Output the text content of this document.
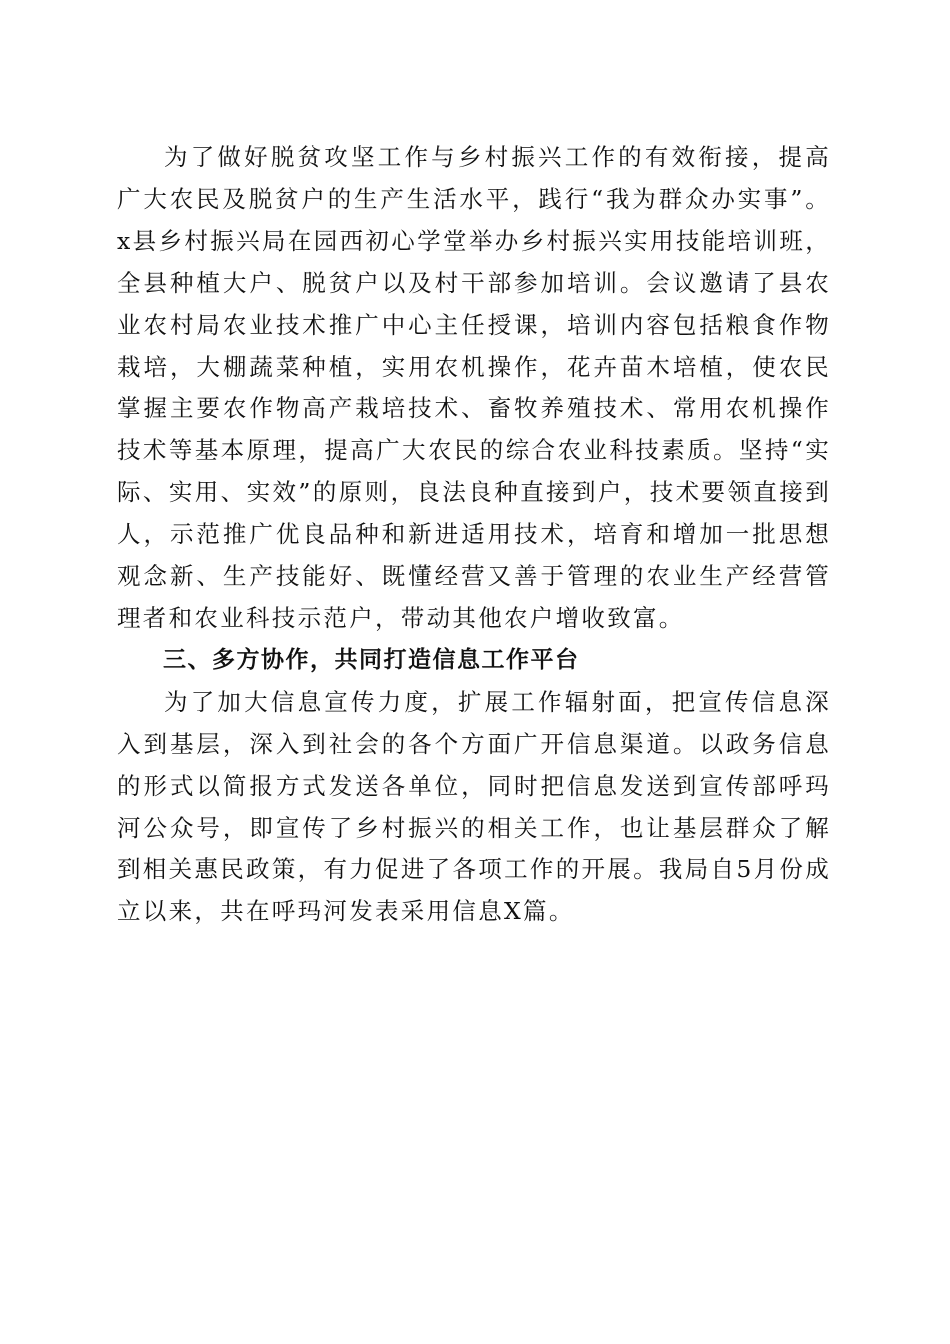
为了做好脱贫攻坚工作与乡村振兴工作的有效衔接，提高广大农民及脱贫户的生产生活水平，践行“我为群众办实事”。x县乡村振兴局在园西初心学堂举办乡村振兴实用技能培训班，全县种植大户、脱贫户以及村干部参加培训。会议邀请了县农业农村局农业技术推广中心主任授课，培训内容包括粮食作物栽培，大棚蔬菜种植，实用农机操作，花卉苗木培植，使农民掌握主要农作物高产栽培技术、畜牧养殖技术、常用农机操作技术等基本原理，提高广大农民的综合农业科技素质。坚持“实际、实用、实效”的原则，良法良种直接到户，技术要领直接到人，示范推广优良品种和新进适用技术，培育和增加一批思想观念新、生产技能好、既懂经营又善于管理的农业生产经营管理者和农业科技示范户，带动其他农户增收致富。

三、多方协作，共同打造信息工作平台

为了加大信息宣传力度，扩展工作辐射面，把宣传信息深入到基层，深入到社会的各个方面广开信息渠道。以政务信息的形式以简报方式发送各单位，同时把信息发送到宣传部呼玛河公众号，即宣传了乡村振兴的相关工作，也让基层群众了解到相关惠民政策，有力促进了各项工作的开展。我局自5月份成立以来，共在呼玛河发表采用信息X篇。
